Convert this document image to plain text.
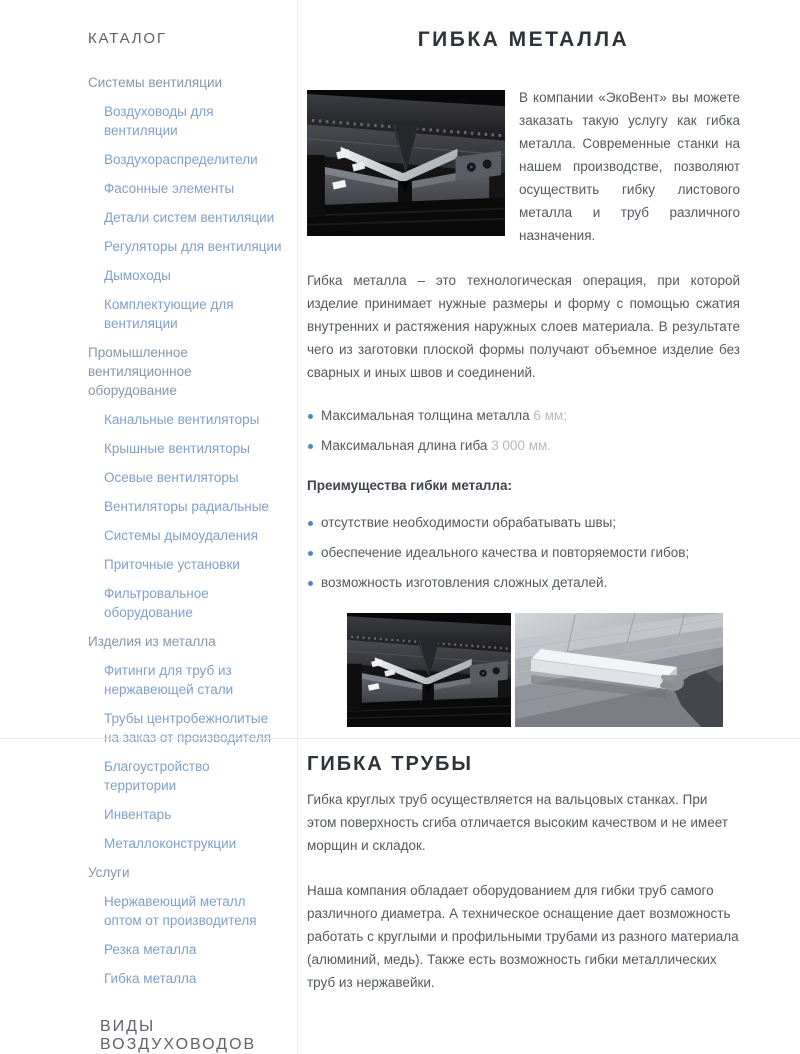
КАТАЛОГ
Системы вентиляции
Воздуховоды для вентиляции
Воздухораспределители
Фасонные элементы
Детали систем вентиляции
Регуляторы для вентиляции
Дымоходы
Комплектующие для вентиляции
Промышленное вентиляционное оборудование
Канальные вентиляторы
Крышные вентиляторы
Осевые вентиляторы
Вентиляторы радиальные
Системы дымоудаления
Приточные установки
Фильтровальное оборудование
Изделия из металла
Фитинги для труб из нержавеющей стали
Трубы центробежнолитые на заказ от производителя
Благоустройство территории
Инвентарь
Металлоконструкции
Услуги
Нержавеющий металл оптом от производителя
Резка металла
Гибка металла
ВИДЫ ВОЗДУХОВОДОВ
ГИБКА МЕТАЛЛА

В компании «ЭкоВент» вы можете заказать такую услугу как гибка металла. Современные станки на нашем производстве, позволяют осуществить гибку листового металла и труб различного назначения.

Гибка металла – это технологическая операция, при которой изделие принимает нужные размеры и форму с помощью сжатия внутренних и растяжения наружных слоев материала. В результате чего из заготовки плоской формы получают объемное изделие без сварных и иных швов и соединений.

Максимальная толщина металла 6 мм;
Максимальная длина гиба 3 000 мм.
Преимущества гибки металла:
отсутствие необходимости обрабатывать швы;
обеспечение идеального качества и повторяемости гибов;
возможность изготовления сложных деталей.
ГИБКА ТРУБЫ

Гибка круглых труб осуществляется на вальцовых станках. При этом поверхность сгиба отличается высоким качеством и не имеет морщин и складок.

Наша компания обладает оборудованием для гибки труб самого различного диаметра. А техническое оснащение дает возможность работать с круглыми и профильными трубами из разного материала (алюминий, медь). Также есть возможность гибки металлических труб из нержавейки.
